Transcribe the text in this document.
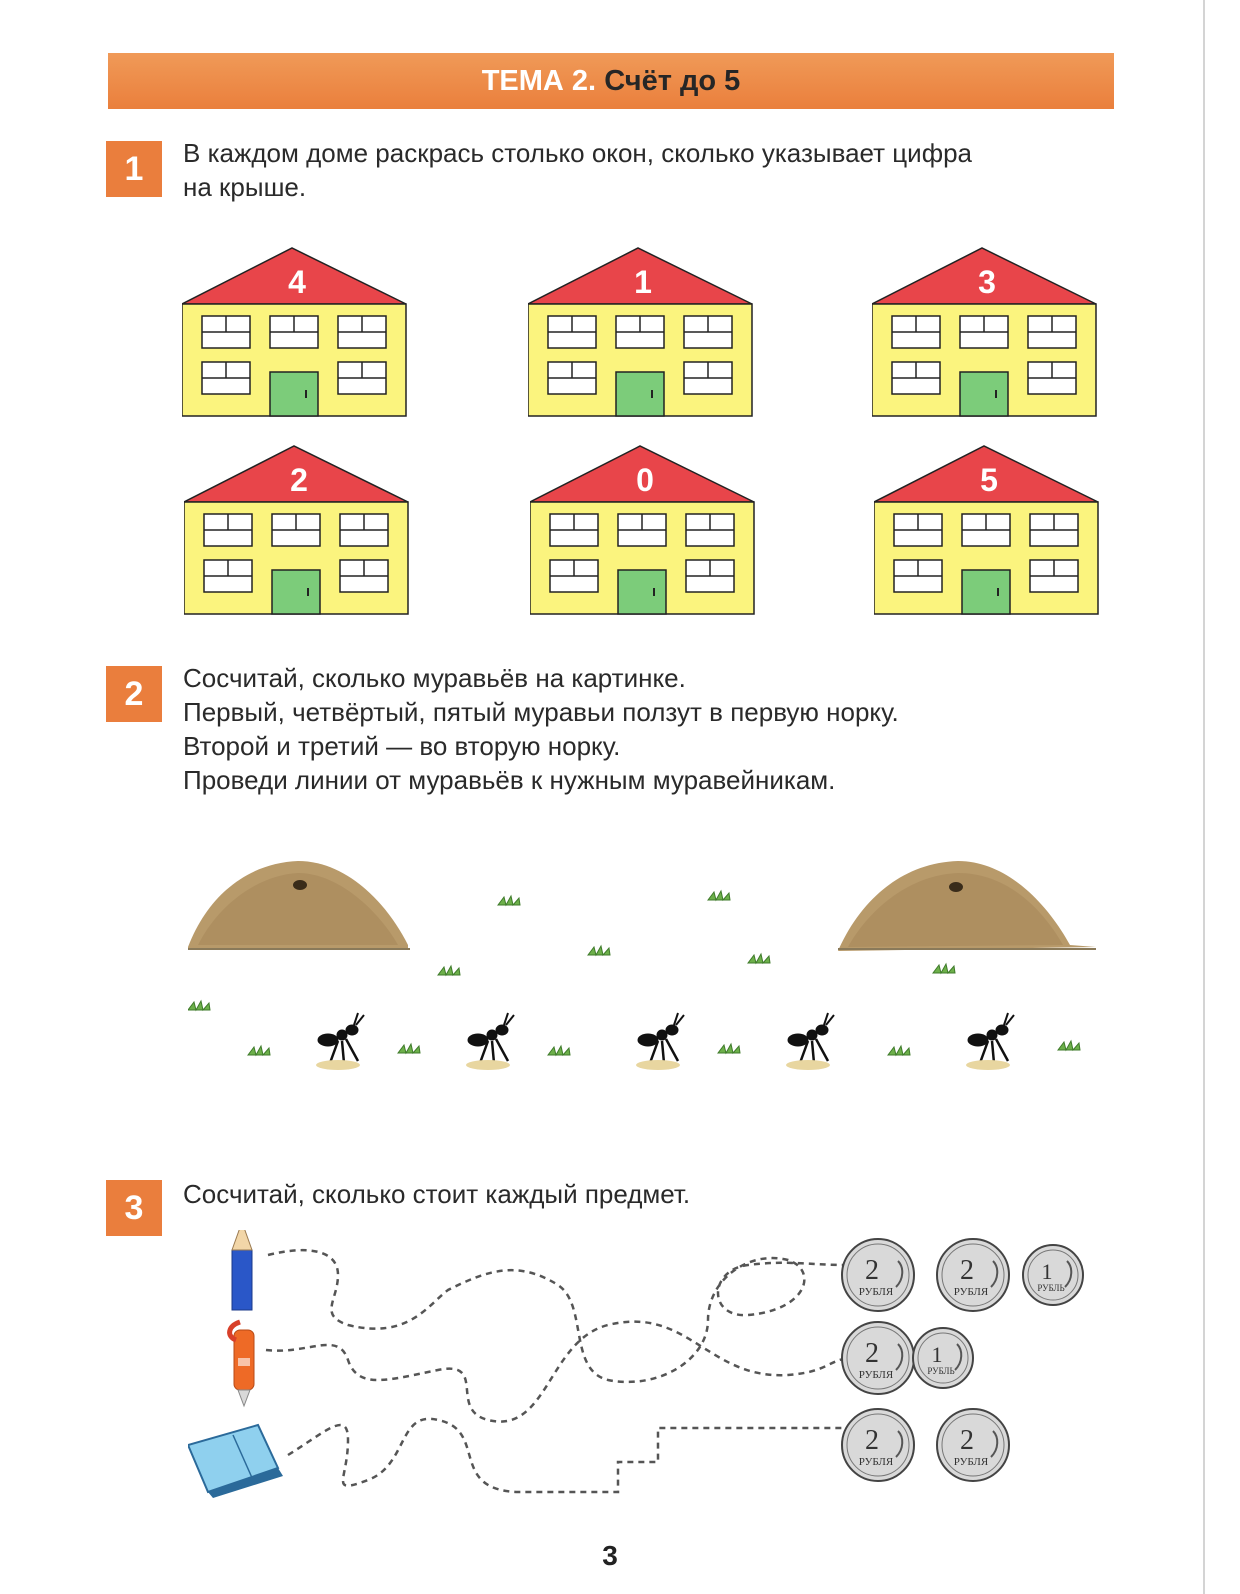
ТЕМА 2. Счёт до 5
1	В каждом доме раскрась столько окон, сколько указывает цифра
на крыше.
4	1	3
2	0	5
2	Сосчитай, сколько муравьёв на картинке.
Первый, четвёртый, пятый муравьи ползут в первую норку.
Второй и третий — во вторую норку.
Проведи линии от муравьёв к нужным муравейникам.
3	Сосчитай, сколько стоит каждый предмет.
2
РУБЛЯ
2
РУБЛЯ
1
РУБЛЬ
2
РУБЛЯ
1
РУБЛЬ
2
РУБЛЯ
2
РУБЛЯ
3
